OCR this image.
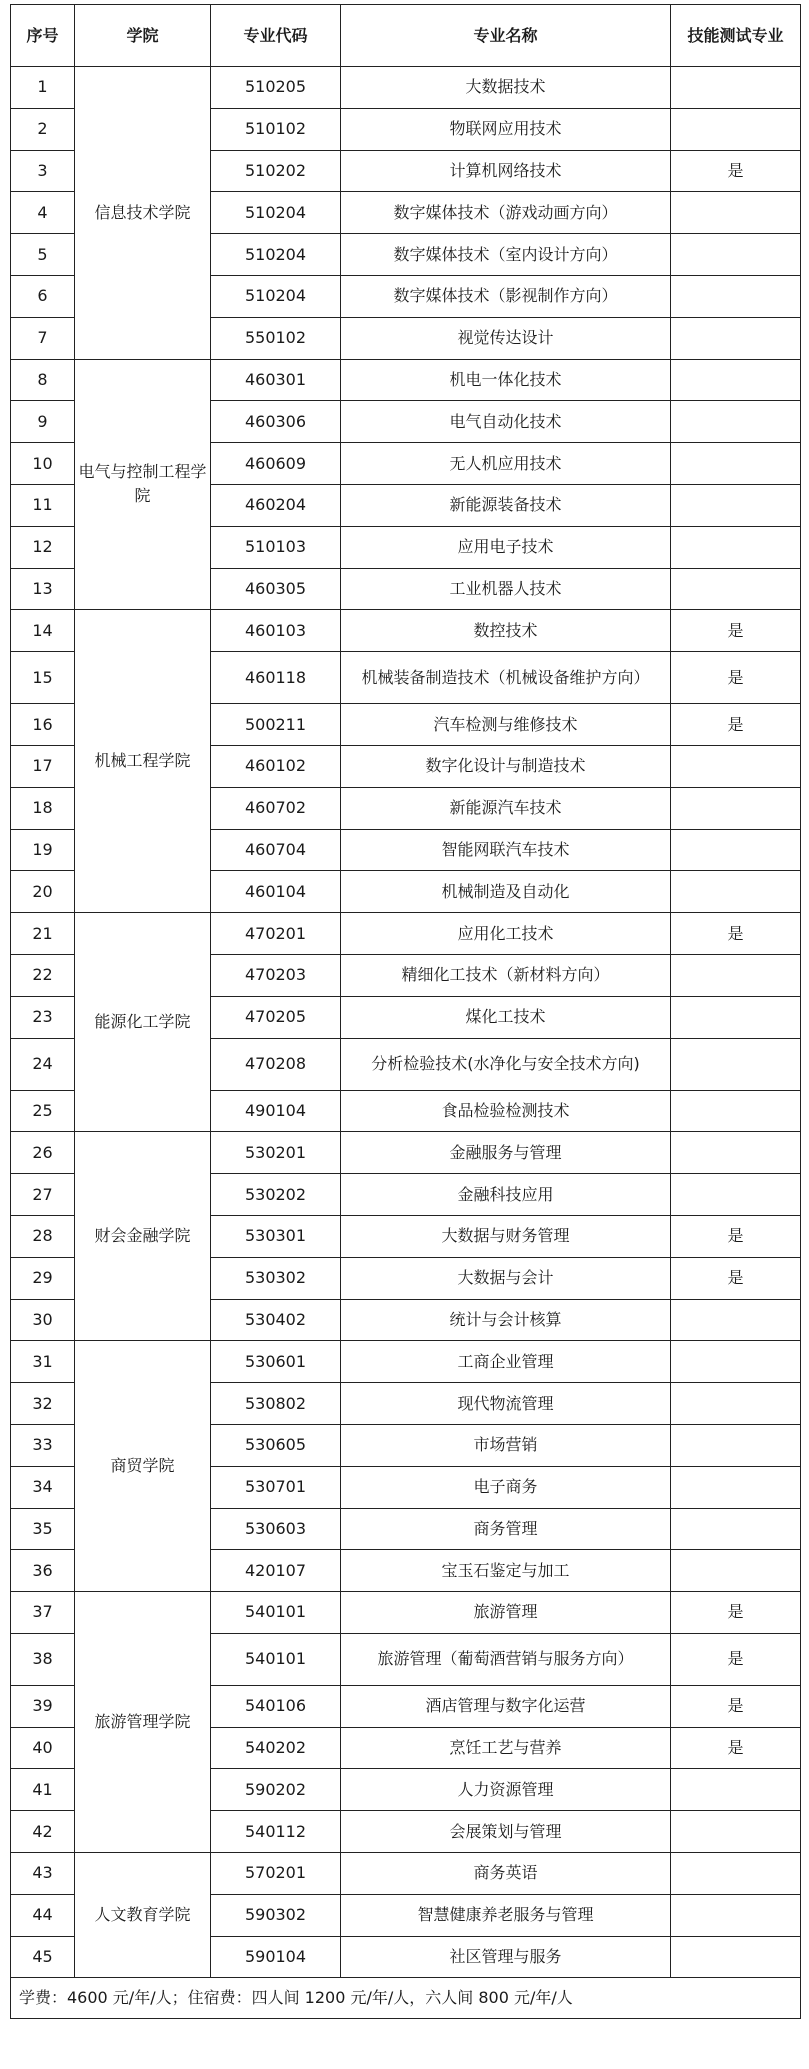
序号	学院	专业代码	专业名称	技能测试专业
1	信息技术学院	510205	大数据技术	
2		510102	物联网应用技术	
3		510202	计算机网络技术	是
4		510204	数字媒体技术（游戏动画方向）	
5		510204	数字媒体技术（室内设计方向）	
6		510204	数字媒体技术（影视制作方向）	
7		550102	视觉传达设计	
8	电气与控制工程学院	460301	机电一体化技术	
9		460306	电气自动化技术	
10		460609	无人机应用技术	
11		460204	新能源装备技术	
12		510103	应用电子技术	
13		460305	工业机器人技术	
14	机械工程学院	460103	数控技术	是
15		460118	机械装备制造技术（机械设备维护方向）	是
16		500211	汽车检测与维修技术	是
17		460102	数字化设计与制造技术	
18		460702	新能源汽车技术	
19		460704	智能网联汽车技术	
20		460104	机械制造及自动化	
21	能源化工学院	470201	应用化工技术	是
22		470203	精细化工技术（新材料方向）	
23		470205	煤化工技术	
24		470208	分析检验技术(水净化与安全技术方向)	
25		490104	食品检验检测技术	
26	财会金融学院	530201	金融服务与管理	
27		530202	金融科技应用	
28		530301	大数据与财务管理	是
29		530302	大数据与会计	是
30		530402	统计与会计核算	
31	商贸学院	530601	工商企业管理	
32		530802	现代物流管理	
33		530605	市场营销	
34		530701	电子商务	
35		530603	商务管理	
36		420107	宝玉石鉴定与加工	
37	旅游管理学院	540101	旅游管理	是
38		540101	旅游管理（葡萄酒营销与服务方向）	是
39		540106	酒店管理与数字化运营	是
40		540202	烹饪工艺与营养	是
41		590202	人力资源管理	
42		540112	会展策划与管理	
43	人文教育学院	570201	商务英语	
44		590302	智慧健康养老服务与管理	
45		590104	社区管理与服务	
学费：4600 元/年/人；住宿费：四人间 1200 元/年/人，六人间 800 元/年/人				
